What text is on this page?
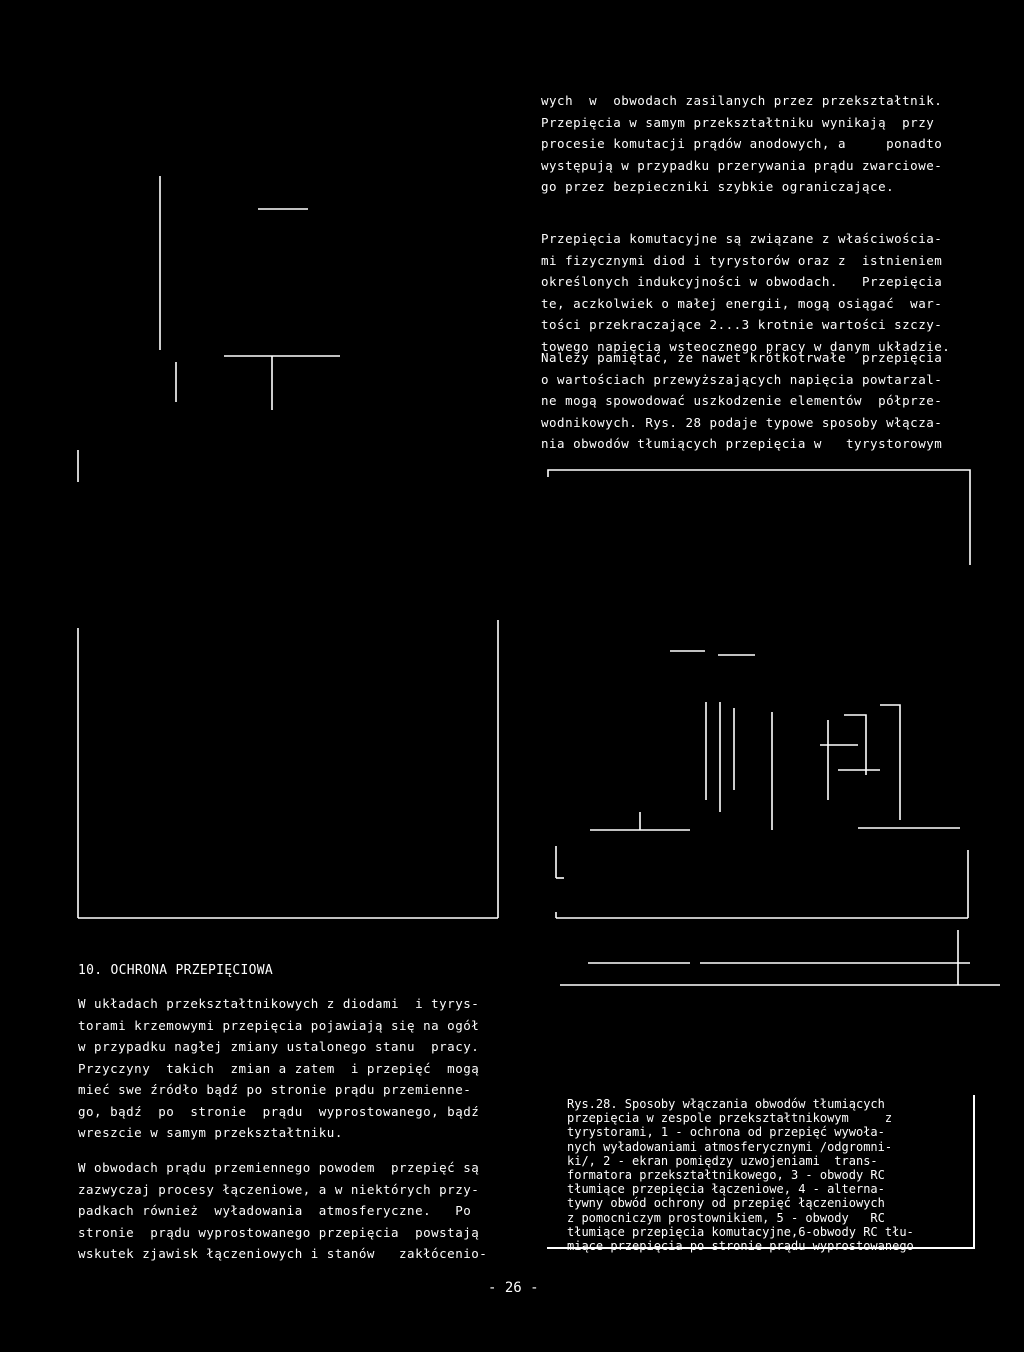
wych  w  obwodach zasilanych przez przekształtnik.
Przepięcia w samym przekształtniku wynikają  przy
procesie komutacji prądów anodowych, a     ponadto
występują w przypadku przerywania prądu zwarciowe-
go przez bezpieczniki szybkie ograniczające.
Przepięcia komutacyjne są związane z właściwościa-
mi fizycznymi diod i tyrystorów oraz z  istnieniem
określonych indukcyjności w obwodach.   Przepięcia
te, aczkolwiek o małej energii, mogą osiągać  war-
tości przekraczające 2...3 krotnie wartości szczy-
towego napięcia wsteocznego pracy w danym układzie.
Należy pamiętać, że nawet krótkotrwałe  przepięcia
o wartościach przewyższających napięcia powtarzal-
ne mogą spowodować uszkodzenie elementów  półprze-
wodnikowych. Rys. 28 podaje typowe sposoby włącza-
nia obwodów tłumiących przepięcia w   tyrystorowym
10. OCHRONA PRZEPIĘCIOWA
W układach przekształtnikowych z diodami  i tyrys-
torami krzemowymi przepięcia pojawiają się na ogół
w przypadku nagłej zmiany ustalonego stanu  pracy.
Przyczyny  takich  zmian a zatem  i przepięć  mogą
mieć swe źródło bądź po stronie prądu przemienne-
go, bądź  po  stronie  prądu  wyprostowanego, bądź
wreszcie w samym przekształtniku.
W obwodach prądu przemiennego powodem  przepięć są
zazwyczaj procesy łączeniowe, a w niektórych przy-
padkach również  wyładowania  atmosferyczne.   Po
stronie  prądu wyprostowanego przepięcia  powstają
wskutek zjawisk łączeniowych i stanów   zakłócenio-
Rys.28. Sposoby włączania obwodów tłumiących
przepięcia w zespole przekształtnikowym     z
tyrystorami, 1 - ochrona od przepięć wywoła-
nych wyładowaniami atmosferycznymi /odgromni-
ki/, 2 - ekran pomiędzy uzwojeniami  trans-
formatora przekształtnikowego, 3 - obwody RC
tłumiące przepięcia łączeniowe, 4 - alterna-
tywny obwód ochrony od przepięć łączeniowych
z pomocniczym prostownikiem, 5 - obwody   RC
tłumiące przepięcia komutacyjne,6-obwody RC tłu-
miące przepięcia po stronie prądu wyprostowanego
- 26 -
